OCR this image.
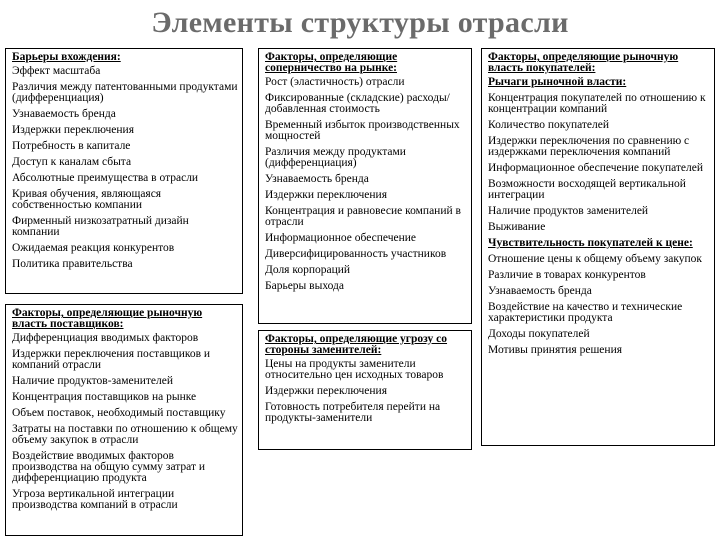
Элементы структуры отрасли
Барьеры вхождения:
Эффект масштаба
Различия между патентованными продуктами (дифференциация)
Узнаваемость бренда
Издержки переключения
Потребность в капитале
Доступ к каналам сбыта
Абсолютные преимущества в отрасли
Кривая обучения, являющаяся собственностью компании
Фирменный низкозатратный дизайн компании
Ожидаемая реакция конкурентов
Политика правительства
Факторы, определяющие рыночную власть поставщиков:
Дифференциация вводимых факторов
Издержки переключения поставщиков и компаний отрасли
Наличие продуктов-заменителей
Концентрация поставщиков на рынке
Объем поставок, необходимый поставщику
Затраты на поставки по отношению к общему объему закупок в отрасли
Воздействие вводимых факторов производства на общую сумму затрат и дифференциацию продукта
Угроза вертикальной интеграции производства компаний в отрасли
Факторы, определяющие соперничество на рынке:
Рост (эластичность) отрасли
Фиксированные (складские) расходы/добавленная стоимость
Временный избыток производственных мощностей
Различия между продуктами (дифференциация)
Узнаваемость бренда
Издержки переключения
Концентрация и равновесие компаний в отрасли
Информационное обеспечение
Диверсифицированность участников
Доля корпораций
Барьеры выхода
Факторы, определяющие угрозу со стороны заменителей:
Цены на продукты заменители относительно цен исходных товаров
Издержки переключения
Готовность потребителя перейти на продукты-заменители
Факторы, определяющие рыночную власть покупателей:
Рычаги рыночной власти:
Концентрация покупателей по отношению к концентрации компаний
Количество покупателей
Издержки переключения по сравнению с издержками переключения компаний
Информационное обеспечение покупателей
Возможности восходящей вертикальной интеграции
Наличие продуктов заменителей
Выживание
Чувствительность покупателей к цене:
Отношение цены к общему объему закупок
Различие в товарах конкурентов
Узнаваемость бренда
Воздействие на качество и технические характеристики продукта
Доходы покупателей
Мотивы принятия решения
